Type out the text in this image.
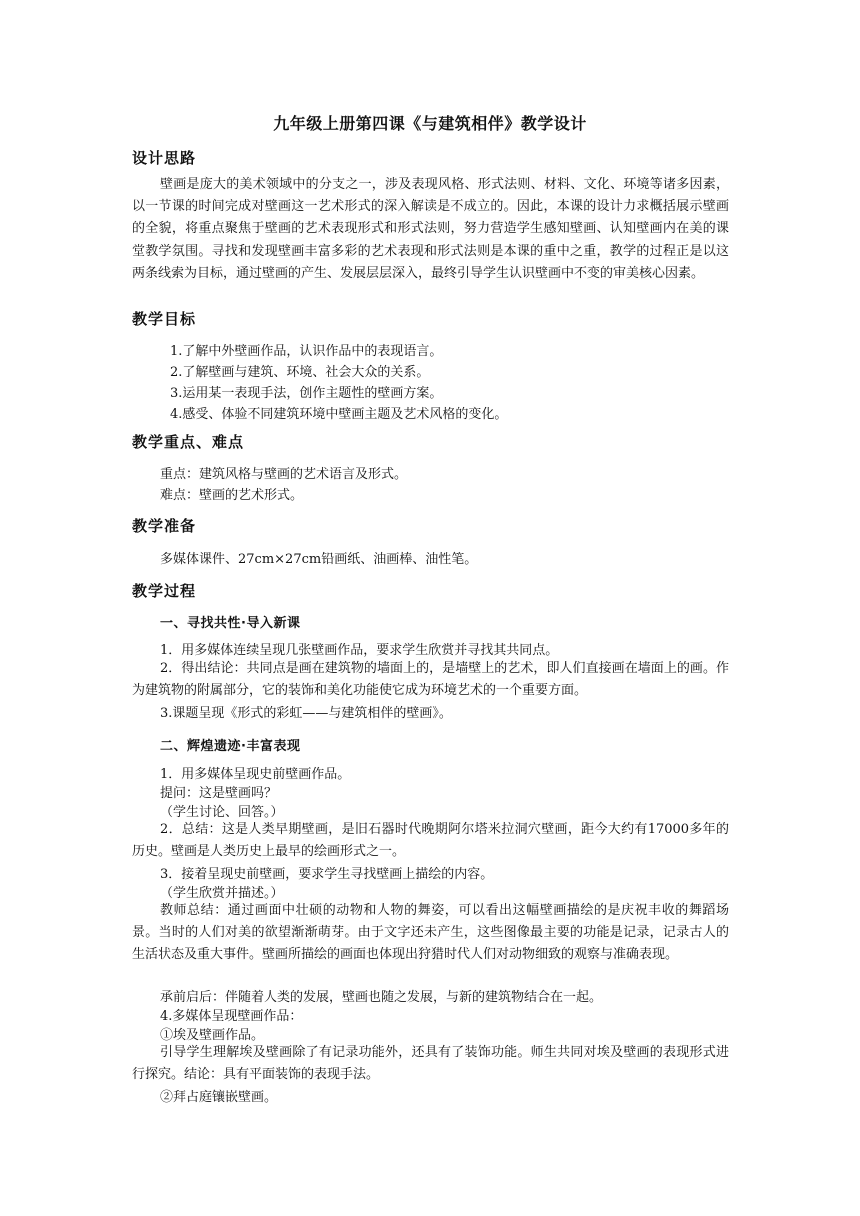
九年级上册第四课《与建筑相伴》教学设计
设计思路
壁画是庞大的美术领域中的分支之一，涉及表现风格、形式法则、材料、文化、环境等诸多因素，以一节课的时间完成对壁画这一艺术形式的深入解读是不成立的。因此，本课的设计力求概括展示壁画的全貌，将重点聚焦于壁画的艺术表现形式和形式法则，努力营造学生感知壁画、认知壁画内在美的课堂教学氛围。寻找和发现壁画丰富多彩的艺术表现和形式法则是本课的重中之重，教学的过程正是以这两条线索为目标，通过壁画的产生、发展层层深入，最终引导学生认识壁画中不变的审美核心因素。
教学目标
1.了解中外壁画作品，认识作品中的表现语言。
2.了解壁画与建筑、环境、社会大众的关系。
3.运用某一表现手法，创作主题性的壁画方案。
4.感受、体验不同建筑环境中壁画主题及艺术风格的变化。
教学重点、难点
重点：建筑风格与壁画的艺术语言及形式。
难点：壁画的艺术形式。
教学准备
多媒体课件、27cm×27cm铅画纸、油画棒、油性笔。
教学过程
一、寻找共性·导入新课
1．用多媒体连续呈现几张壁画作品，要求学生欣赏并寻找其共同点。
2．得出结论：共同点是画在建筑物的墙面上的，是墙壁上的艺术，即人们直接画在墙面上的画。作为建筑物的附属部分，它的装饰和美化功能使它成为环境艺术的一个重要方面。
3.课题呈现《形式的彩虹——与建筑相伴的壁画》。
二、辉煌遗迹·丰富表现
1．用多媒体呈现史前壁画作品。
提问：这是壁画吗？
（学生讨论、回答。）
2．总结：这是人类早期壁画，是旧石器时代晚期阿尔塔米拉洞穴壁画，距今大约有17000多年的历史。壁画是人类历史上最早的绘画形式之一。
3．接着呈现史前壁画，要求学生寻找壁画上描绘的内容。
（学生欣赏并描述。）
教师总结：通过画面中壮硕的动物和人物的舞姿，可以看出这幅壁画描绘的是庆祝丰收的舞蹈场景。当时的人们对美的欲望渐渐萌芽。由于文字还未产生，这些图像最主要的功能是记录，记录古人的生活状态及重大事件。壁画所描绘的画面也体现出狩猎时代人们对动物细致的观察与准确表现。
承前启后：伴随着人类的发展，壁画也随之发展，与新的建筑物结合在一起。
4.多媒体呈现壁画作品：
①埃及壁画作品。
引导学生理解埃及壁画除了有记录功能外，还具有了装饰功能。师生共同对埃及壁画的表现形式进行探究。结论：具有平面装饰的表现手法。
②拜占庭镶嵌壁画。
